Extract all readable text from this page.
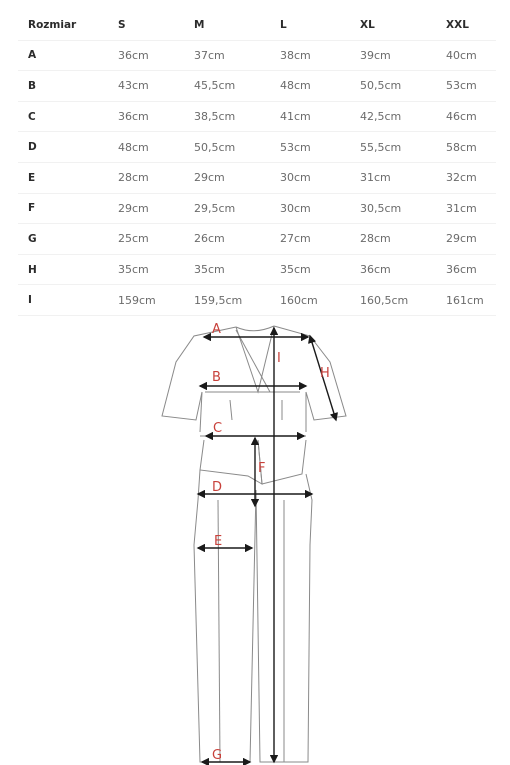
Rozmiar	S	M	L	XL	XXL
A	36cm	37cm	38cm	39cm	40cm
B	43cm	45,5cm	48cm	50,5cm	53cm
C	36cm	38,5cm	41cm	42,5cm	46cm
D	48cm	50,5cm	53cm	55,5cm	58cm
E	28cm	29cm	30cm	31cm	32cm
F	29cm	29,5cm	30cm	30,5cm	31cm
G	25cm	26cm	27cm	28cm	29cm
H	35cm	35cm	35cm	36cm	36cm
I	159cm	159,5cm	160cm	160,5cm	161cm
A
B
C
D
E
F
G
H
I
